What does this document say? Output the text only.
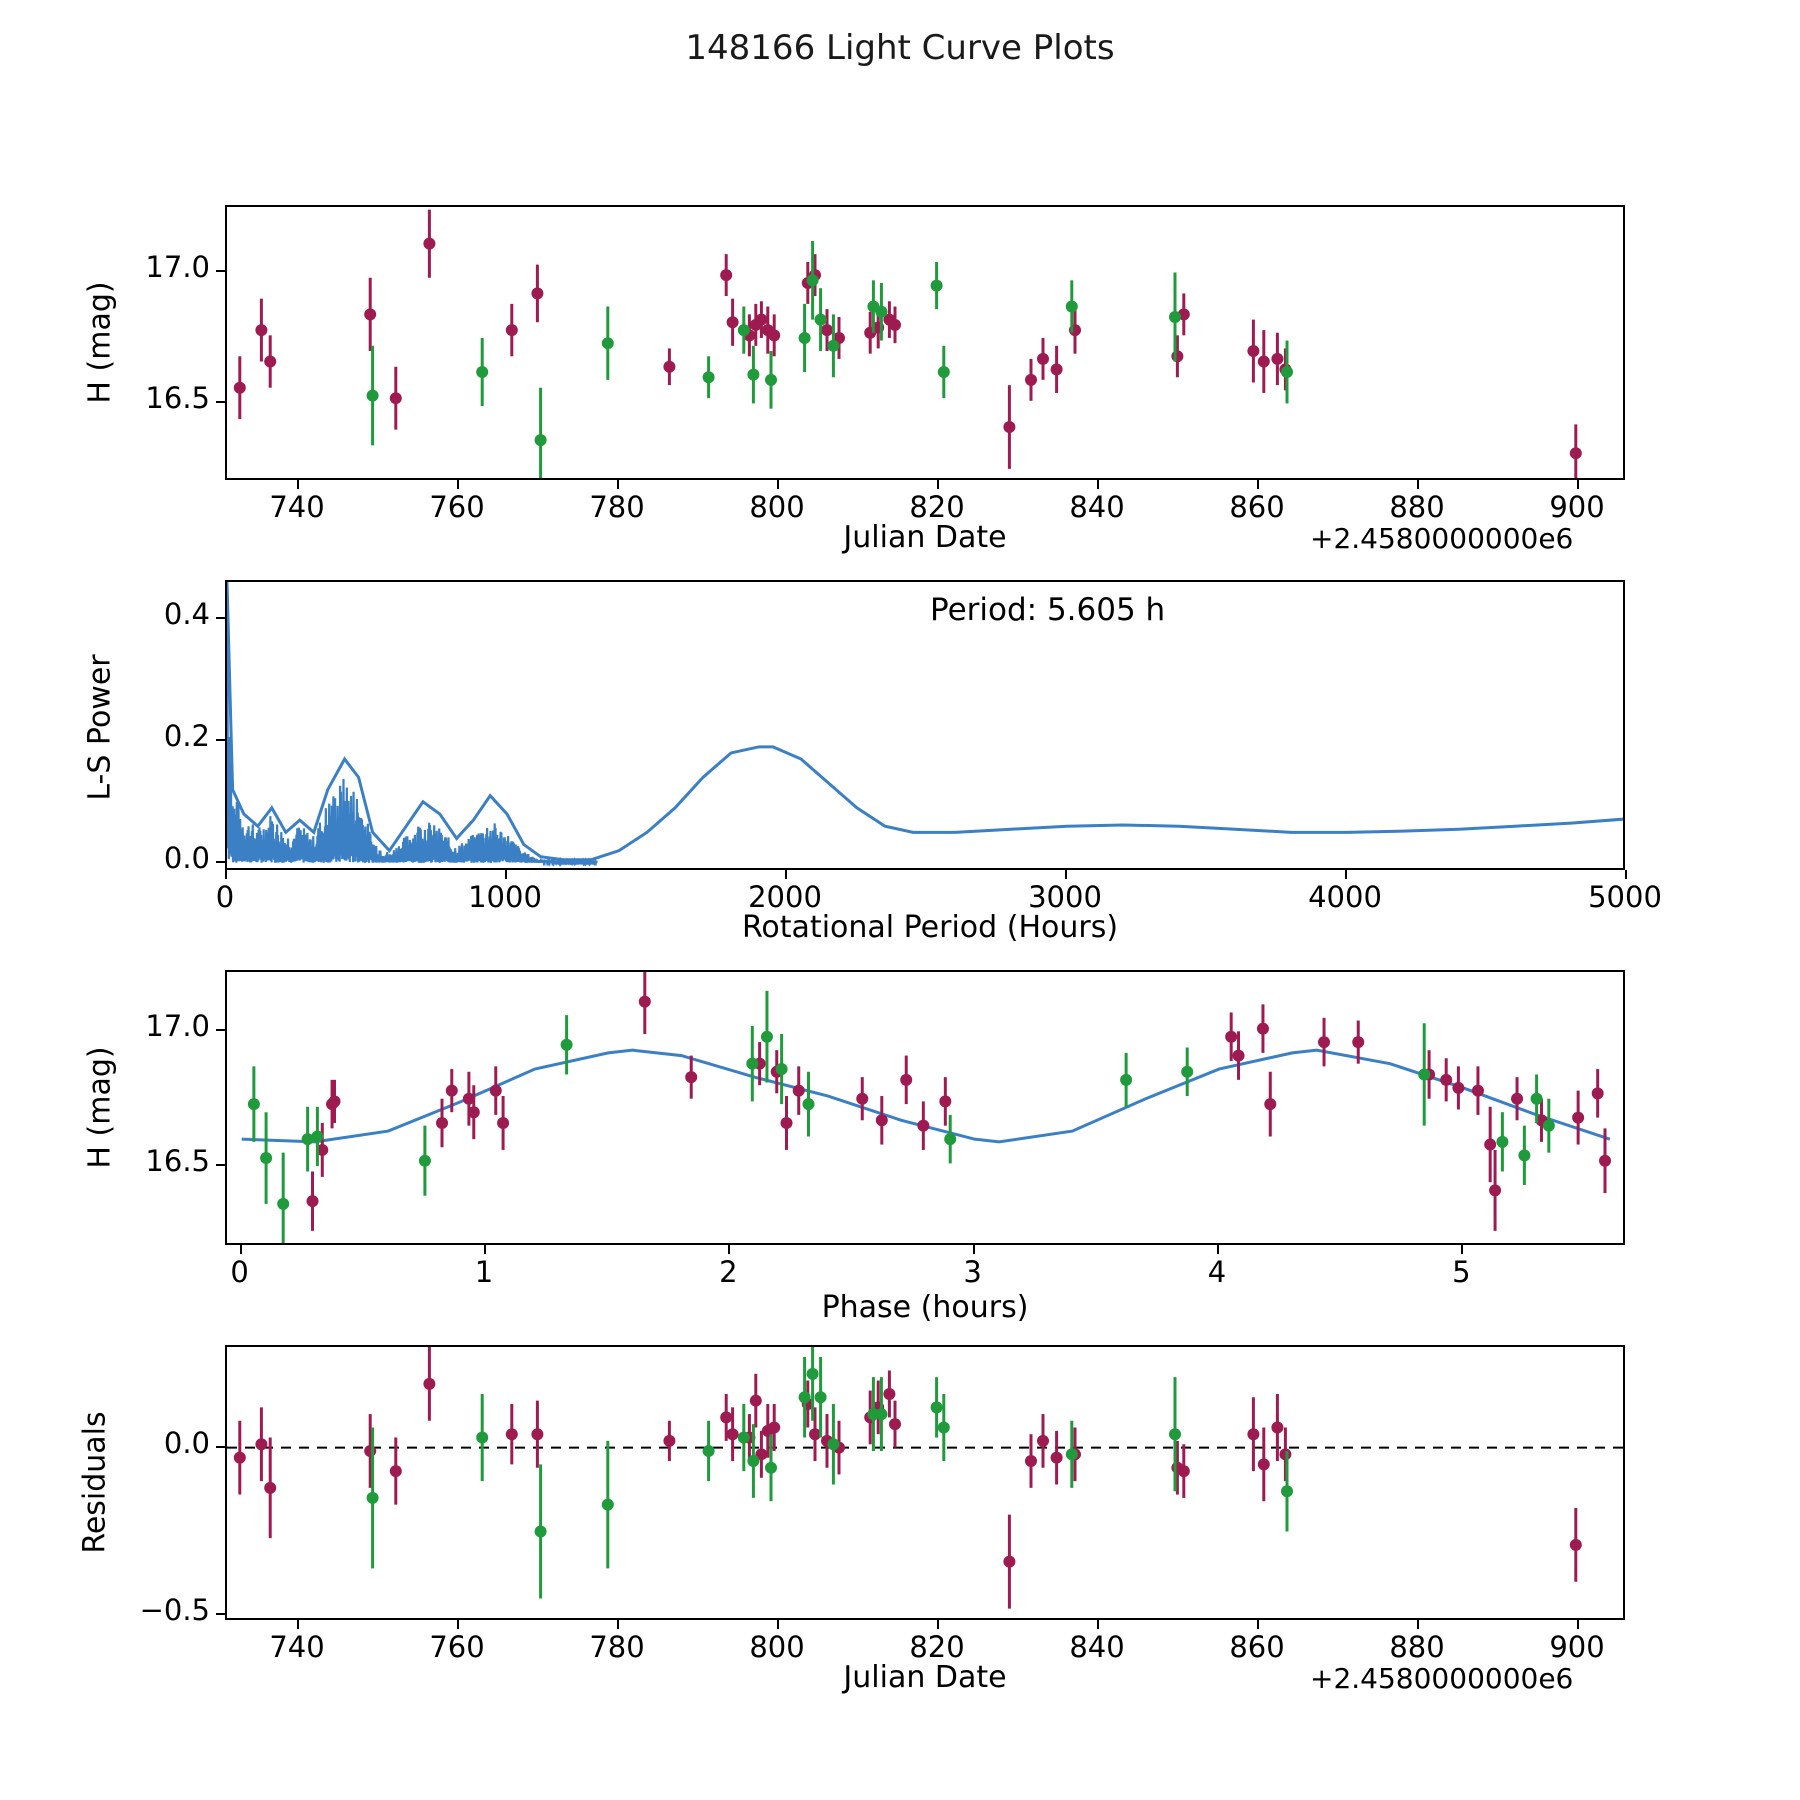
148166 Light Curve Plots
H (mag)
Julian Date	+2.4580000000e6
Period: 5.605 h
L-S Power
Rotational Period (Hours)
H (mag)
Phase (hours)
Residuals
Julian Date	+2.4580000000e6
740	760	780	800	820	840	860	880	900
16.5
17.0
0	1000	2000	3000	4000	5000
0.0
0.2
0.4
0	1	2	3	4	5
16.5
17.0
740	760	780	800	820	840	860	880	900
−0.5
0.0
